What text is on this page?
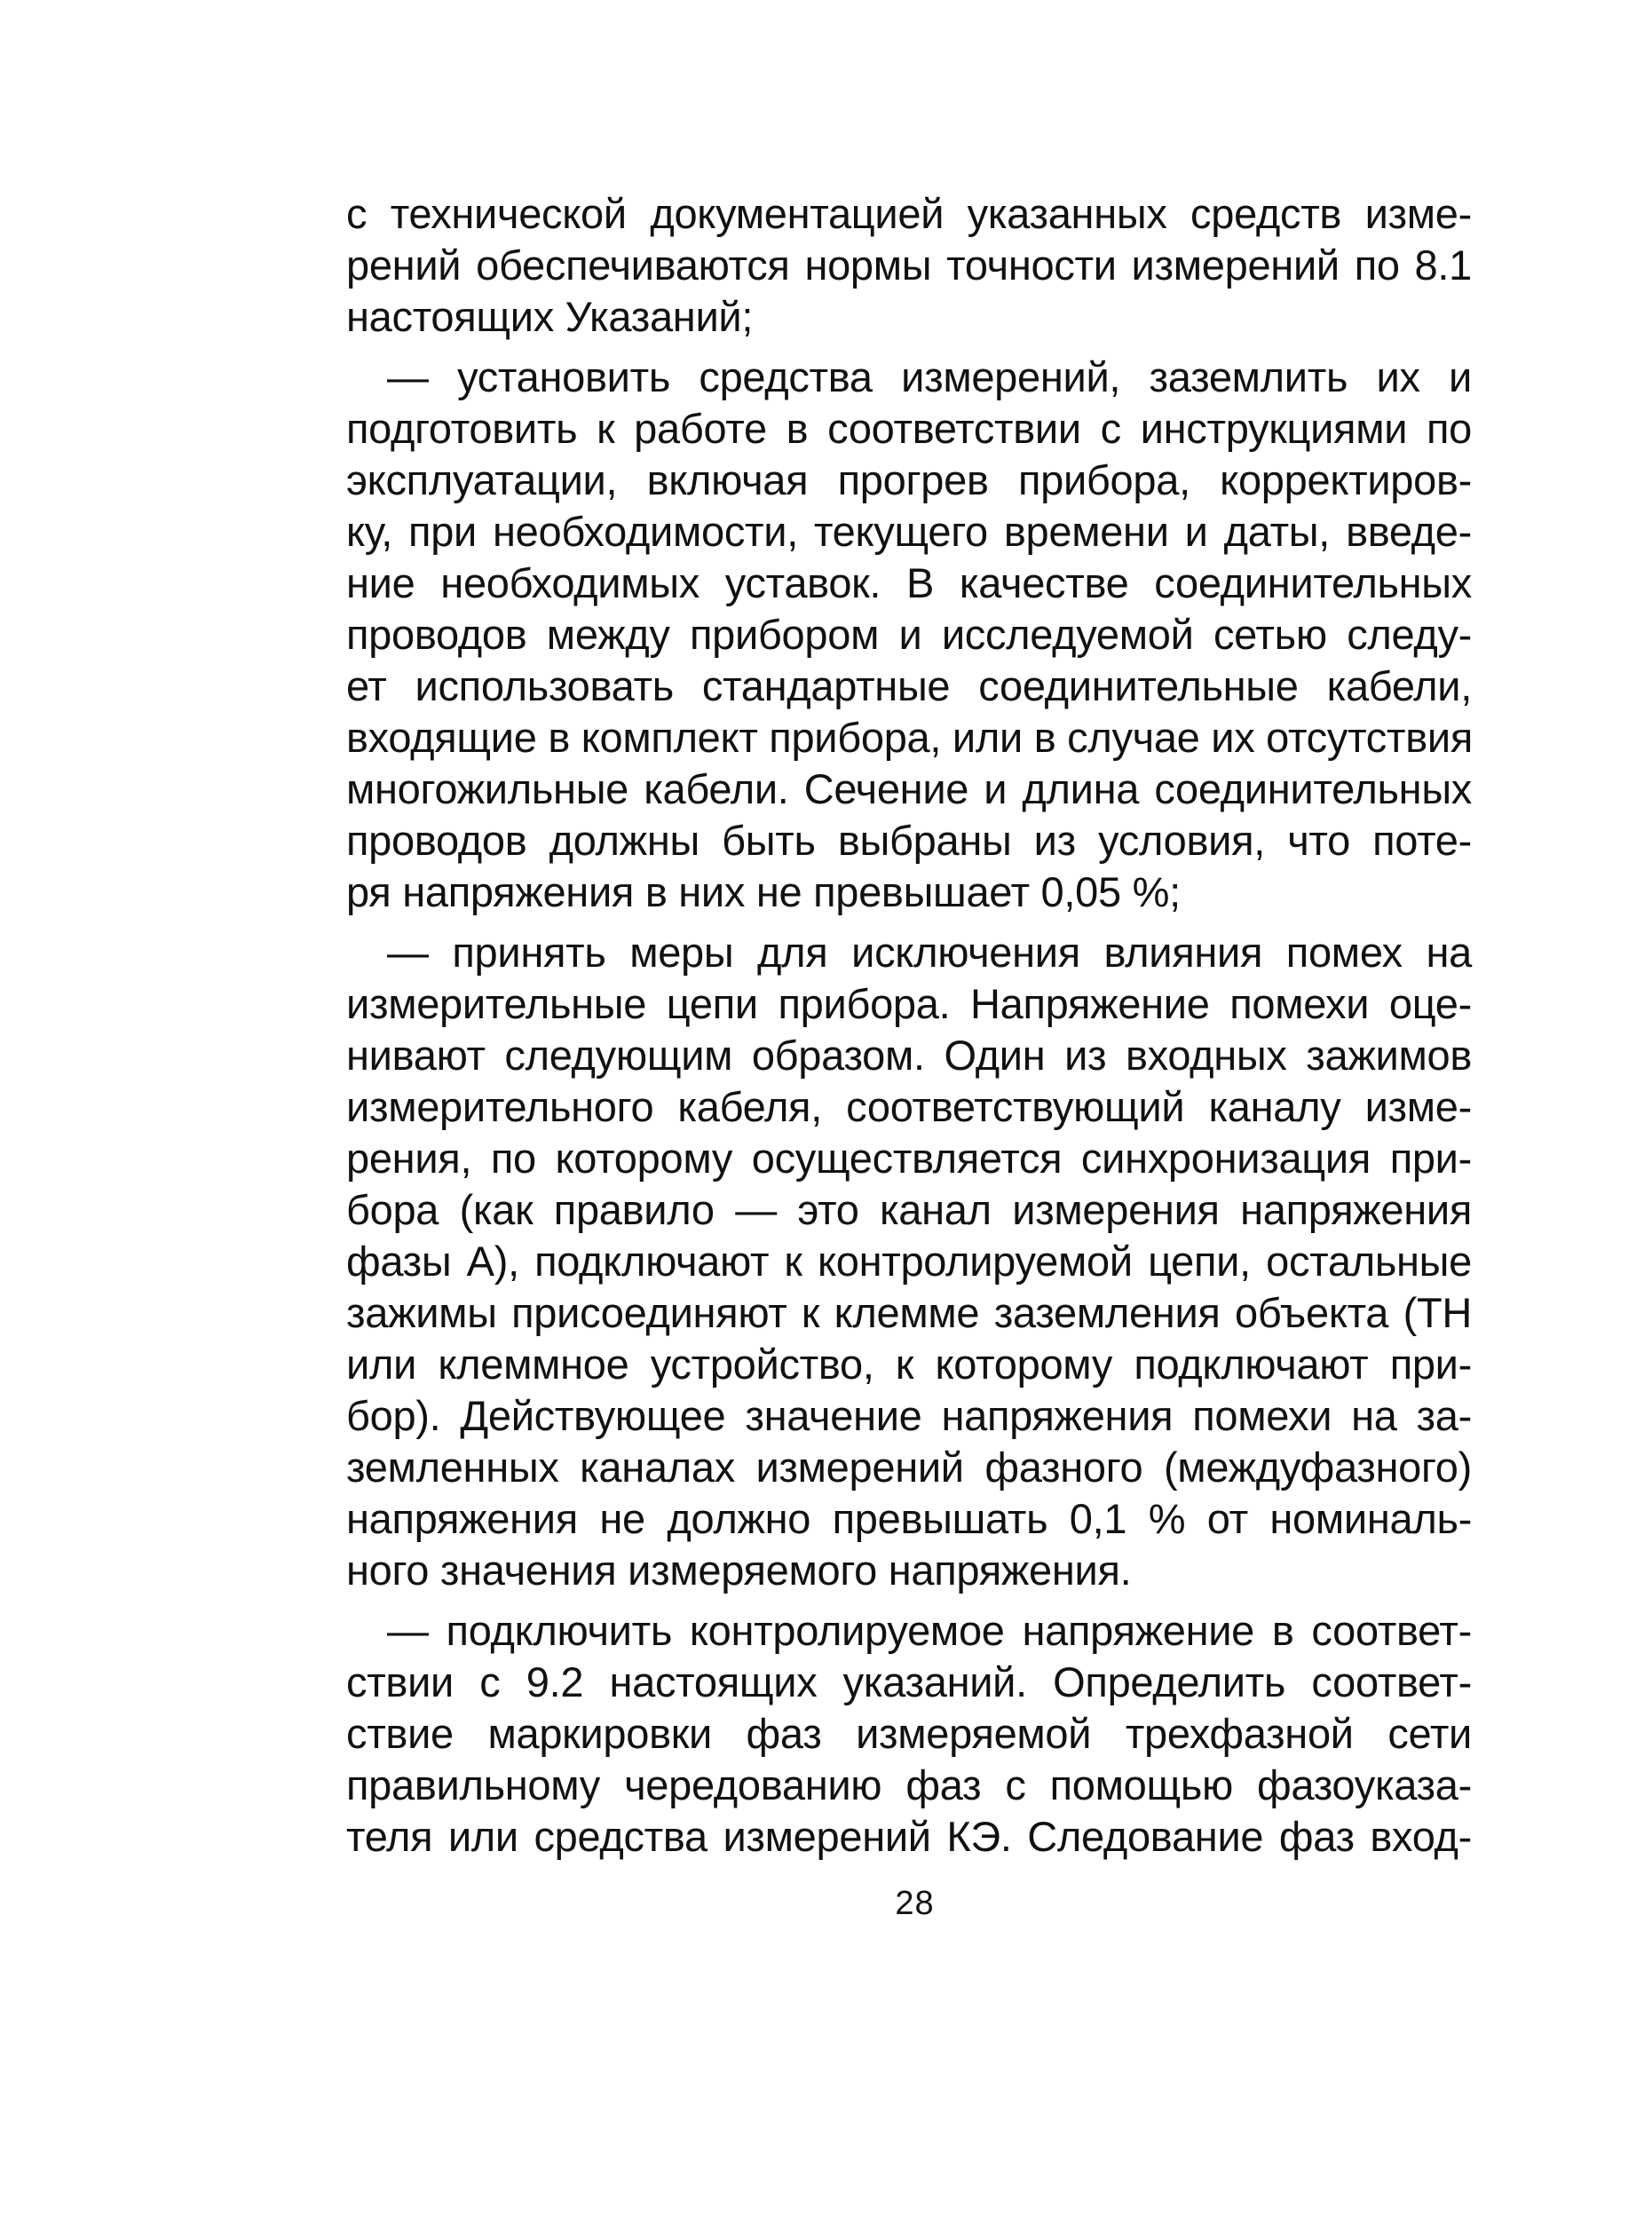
с технической документацией указанных средств изме-
рений обеспечиваются нормы точности измерений по 8.1
настоящих Указаний;
— установить средства измерений, заземлить их и
подготовить к работе в соответствии с инструкциями по
эксплуатации, включая прогрев прибора, корректиров-
ку, при необходимости, текущего времени и даты, введе-
ние необходимых уставок. В качестве соединительных
проводов между прибором и исследуемой сетью следу-
ет использовать стандартные соединительные кабели,
входящие в комплект прибора, или в случае их отсутствия
многожильные кабели. Сечение и длина соединительных
проводов должны быть выбраны из условия, что поте-
ря напряжения в них не превышает 0,05 %;
— принять меры для исключения влияния помех на
измерительные цепи прибора. Напряжение помехи оце-
нивают следующим образом. Один из входных зажимов
измерительного кабеля, соответствующий каналу изме-
рения, по которому осуществляется синхронизация при-
бора (как правило — это канал измерения напряжения
фазы А), подключают к контролируемой цепи, остальные
зажимы присоединяют к клемме заземления объекта (ТН
или клеммное устройство, к которому подключают при-
бор). Действующее значение напряжения помехи на за-
земленных каналах измерений фазного (междуфазного)
напряжения не должно превышать 0,1 % от номиналь-
ного значения измеряемого напряжения.
— подключить контролируемое напряжение в соответ-
ствии с 9.2 настоящих указаний. Определить соответ-
ствие маркировки фаз измеряемой трехфазной сети
правильному чередованию фаз с помощью фазоуказа-
теля или средства измерений КЭ. Следование фаз вход-
28
